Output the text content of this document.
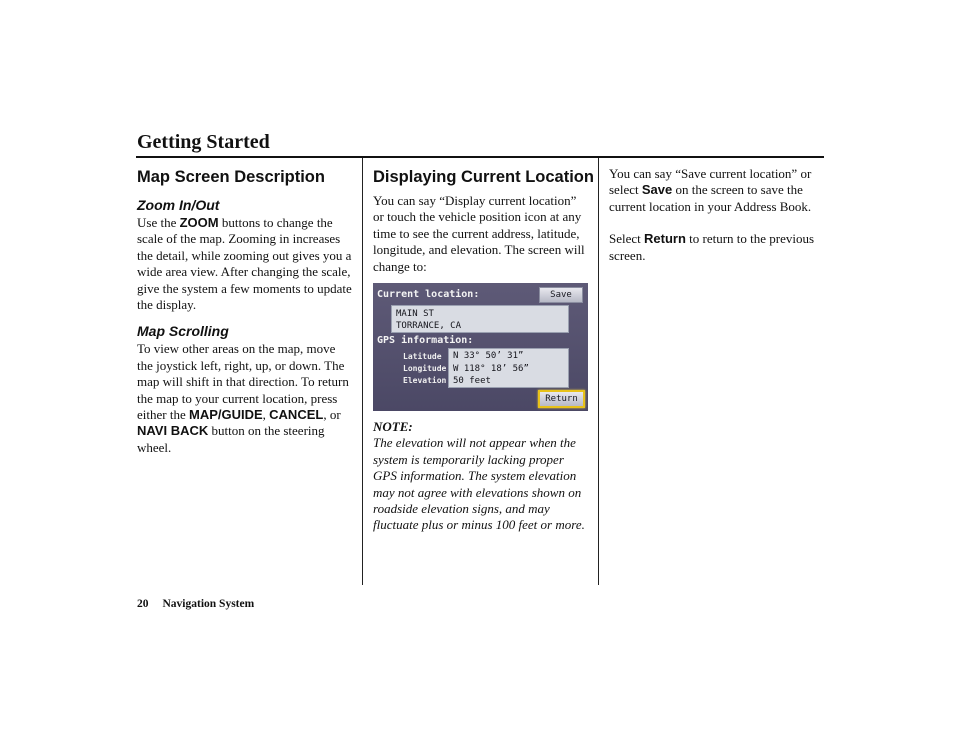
Getting Started
Map Screen Description
Zoom In/Out

Use the ZOOM buttons to change the scale of the map. Zooming in increases the detail, while zooming out gives you a wide area view. After changing the scale, give the system a few moments to update the display.

Map Scrolling

To view other areas on the map, move the joystick left, right, up, or down. The map will shift in that direction. To return the map to your current location, press either the MAP/GUIDE, CANCEL, or NAVI BACK button on the steering wheel.

Displaying Current Location

You can say “Display current location” or touch the vehicle position icon at any time to see the current address, latitude, longitude, and elevation. The screen will change to:

Current location:	Save
MAIN ST
TORRANCE, CA
GPS information:
Latitude
Longitude
Elevation
N 33° 50’ 31”
W 118° 18’ 56”
50 feet
Return
NOTE:

The elevation will not appear when the system is temporarily lacking proper GPS information. The system elevation may not agree with elevations shown on roadside elevation signs, and may fluctuate plus or minus 100 feet or more.

You can say “Save current location” or select Save on the screen to save the current location in your Address Book.

Select Return to return to the previous screen.

20 Navigation System
